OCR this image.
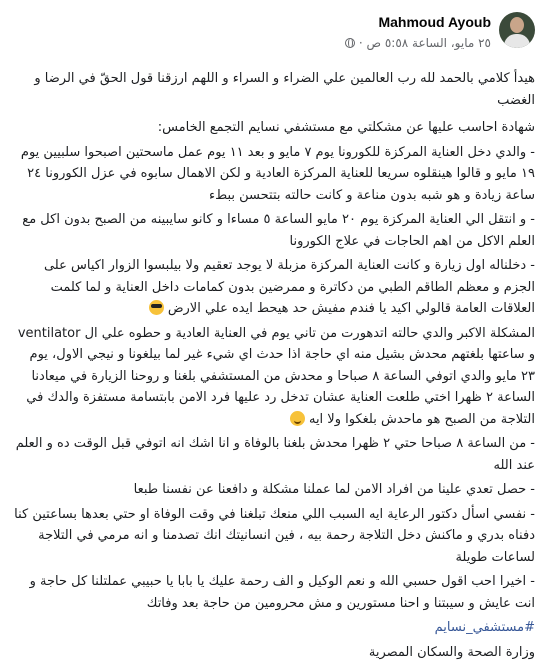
Mahmoud Ayoub
٢٥ مايو، الساعة ٥:٥٨ ص ·

هيدأ كلامي بالحمد لله رب العالمين علي الضراء و السراء و اللهم ارزقنا قول الحقّ في الرضا و الغضب

شهادة احاسب عليها عن مشكلتي مع مستشفي نسايم التجمع الخامس:

- والدي دخل العناية المركزة للكورونا يوم ٧ مايو و بعد ١١ يوم عمل ماسحتين اصبحوا سلبيين يوم ١٩ مايو و قالوا هينقلوه سريعا للعناية المركزة العادية و لكن الاهمال سابوه في عزل الكورونا ٢٤ ساعة زيادة و هو شبه بدون مناعة و كانت حالته بتتحسن ببطء

- و انتقل الي العناية المركزة يوم ٢٠ مايو الساعة ٥ مساءا و كانو سايبينه من الصبح بدون اكل مع العلم الاكل من اهم الحاجات في علاج الكورونا

- دخلناله اول زيارة و كانت العناية المركزة مزبلة لا يوجد تعقيم ولا بيلبسوا الزوار اكياس على الجزم و معظم الطاقم الطبي من دكاترة و ممرضين بدون كمامات داخل العناية و لما كلمت العلاقات العامة قالولي اكيد يا فندم مفيش حد هيحط ايده علي الارض

المشكلة الاكبر والدي حالته اتدهورت من تاني يوم في العناية العادية و حطوه علي ال ventilator و ساعتها بلغتهم محدش بشيل منه اي حاجة اذا حدث اي شيء غير لما بيلغونا و نيجي الاول، يوم ٢٣ مايو والدي اتوفي الساعة ٨ صباحا و محدش من المستشفي بلغنا و روحنا الزيارة في ميعادنا الساعة ٢ ظهرا اختي طلعت العناية عشان تدخل رد عليها فرد الامن بابتسامة مستفزة والدك في التلاجة من الصبح هو ماحدش بلغكوا ولا ايه

- من الساعة ٨ صباحا حتي ٢ ظهرا محدش بلغنا بالوفاة و انا اشك انه اتوفي قبل الوقت ده و العلم عند الله

- حصل تعدي علينا من افراد الامن لما عملنا مشكلة و دافعنا عن نفسنا طبعا

- نفسي اسأل دكتور الرعاية ايه السبب اللي منعك تبلغنا في وقت الوفاة او حتي بعدها بساعتين كنا دفناه بدري و ماكنش دخل التلاجة رحمة بيه ، فين انسانيتك انك تصدمنا و انه مرمي في التلاجة لساعات طويلة

- اخيرا احب اقول حسبي الله و نعم الوكيل و الف رحمة عليك يا بابا يا حبيبي عملتلنا كل حاجة و انت عايش و سيبتنا و احنا مستورين و مش محرومين من حاجة بعد وفاتك

#مستشفي_نسايم

وزارة الصحة والسكان المصرية
